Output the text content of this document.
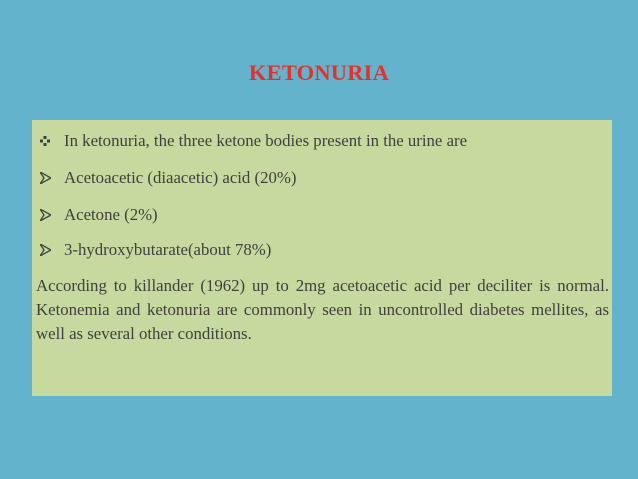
KETONURIA
In ketonuria, the three ketone bodies present in the urine are
Acetoacetic (diaacetic) acid (20%)
Acetone (2%)
3-hydroxybutarate(about 78%)
According to killander (1962) up to 2mg acetoacetic acid per deciliter is normal. Ketonemia and ketonuria are commonly seen in uncontrolled diabetes mellites, as well as several other conditions.
